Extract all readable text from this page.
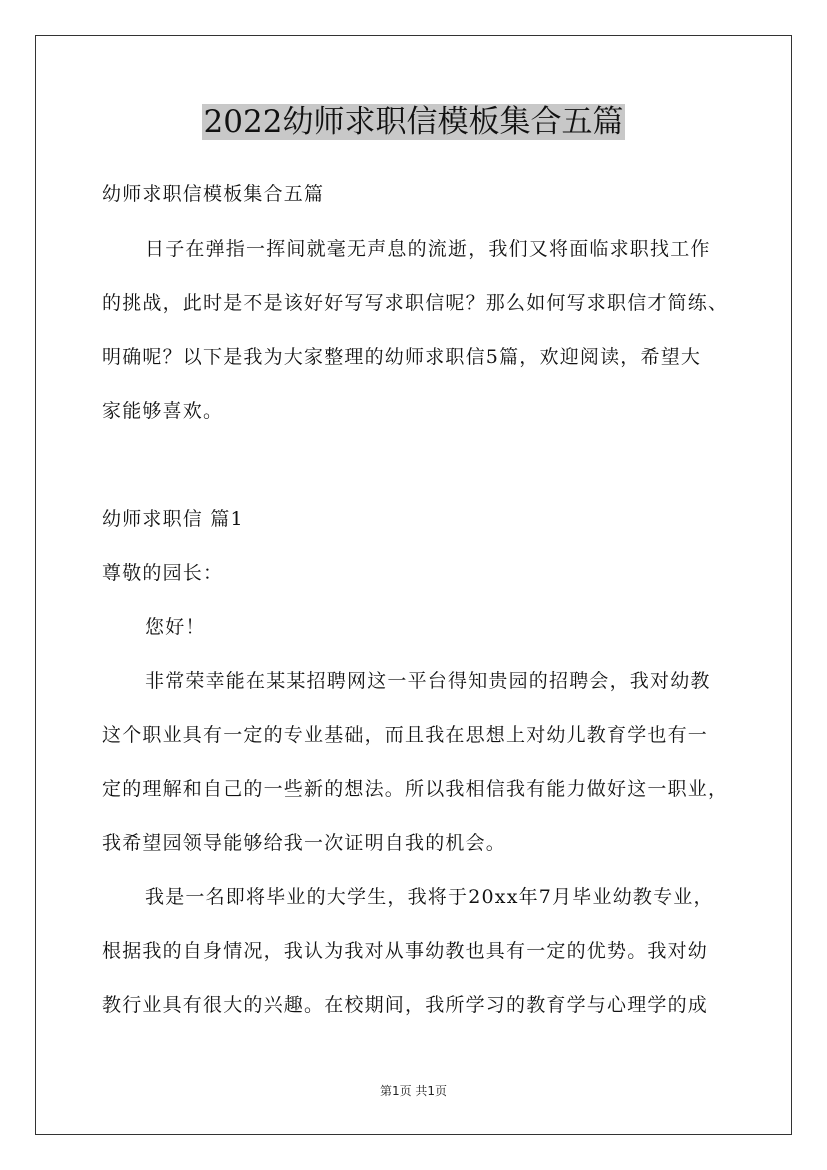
2022幼师求职信模板集合五篇
幼师求职信模板集合五篇
日子在弹指一挥间就毫无声息的流逝，我们又将面临求职找工作
的挑战，此时是不是该好好写写求职信呢？那么如何写求职信才简练、
明确呢？以下是我为大家整理的幼师求职信5篇，欢迎阅读，希望大
家能够喜欢。
幼师求职信 篇1
尊敬的园长：
您好！
非常荣幸能在某某招聘网这一平台得知贵园的招聘会，我对幼教
这个职业具有一定的专业基础，而且我在思想上对幼儿教育学也有一
定的理解和自己的一些新的想法。所以我相信我有能力做好这一职业，
我希望园领导能够给我一次证明自我的机会。
我是一名即将毕业的大学生，我将于20xx年7月毕业幼教专业，
根据我的自身情况，我认为我对从事幼教也具有一定的优势。我对幼
教行业具有很大的兴趣。在校期间，我所学习的教育学与心理学的成
第1页 共1页
